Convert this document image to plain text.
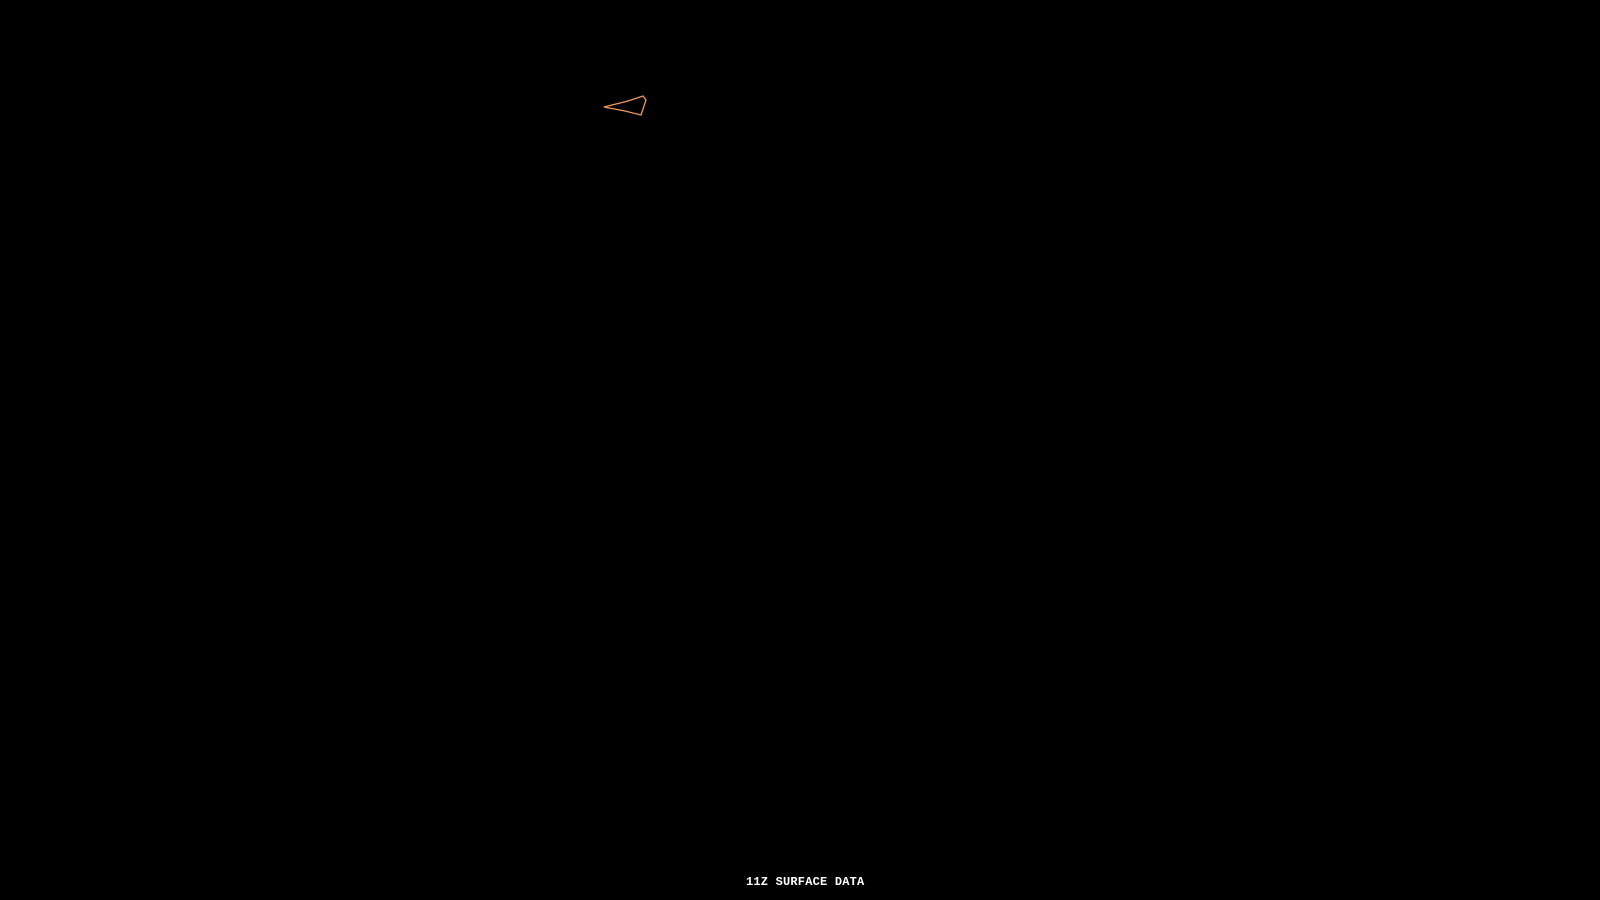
11Z SURFACE DATA
